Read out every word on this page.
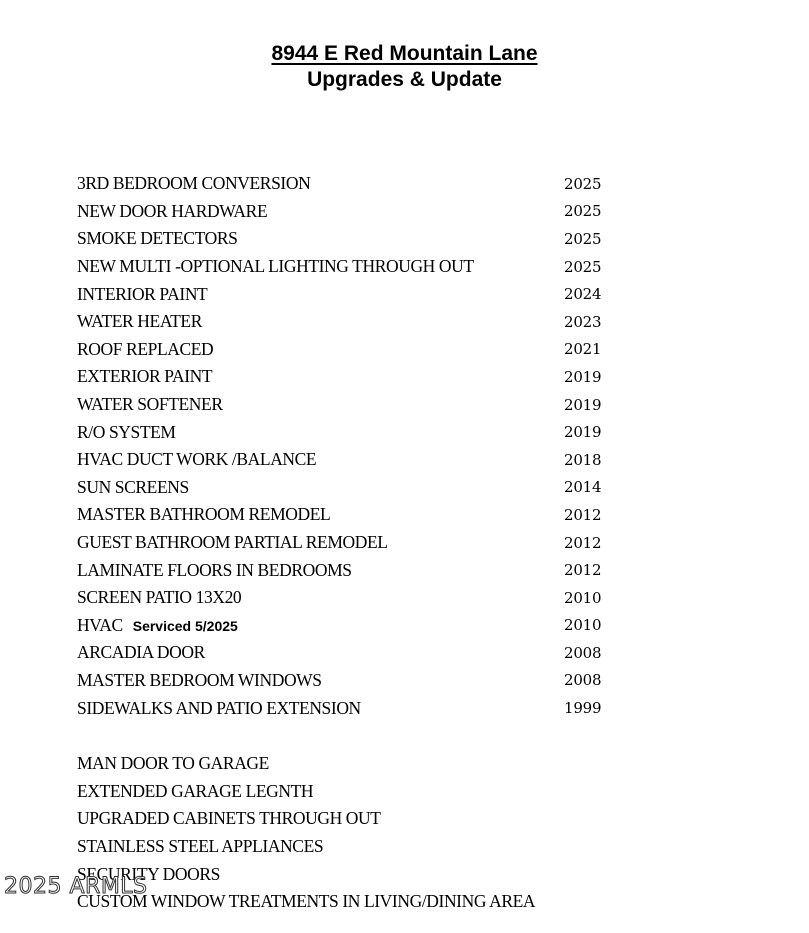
8944 E Red Mountain Lane
Upgrades & Update
3RD BEDROOM CONVERSION	2025
NEW DOOR HARDWARE	2025
SMOKE DETECTORS	2025
NEW MULTI -OPTIONAL LIGHTING THROUGH OUT	2025
INTERIOR PAINT	2024
WATER HEATER	2023
ROOF REPLACED	2021
EXTERIOR PAINT	2019
WATER SOFTENER	2019
R/O SYSTEM	2019
HVAC DUCT WORK /BALANCE	2018
SUN SCREENS	2014
MASTER BATHROOM REMODEL	2012
GUEST BATHROOM PARTIAL REMODEL	2012
LAMINATE FLOORS IN BEDROOMS	2012
SCREEN PATIO 13X20	2010
HVAC Serviced 5/2025	2010
ARCADIA DOOR	2008
MASTER BEDROOM WINDOWS	2008
SIDEWALKS AND PATIO EXTENSION	1999
MAN DOOR TO GARAGE
EXTENDED GARAGE LEGNTH
UPGRADED CABINETS THROUGH OUT
STAINLESS STEEL APPLIANCES
SECURITY DOORS
CUSTOM WINDOW TREATMENTS IN LIVING/DINING AREA
2025 ARMLS
